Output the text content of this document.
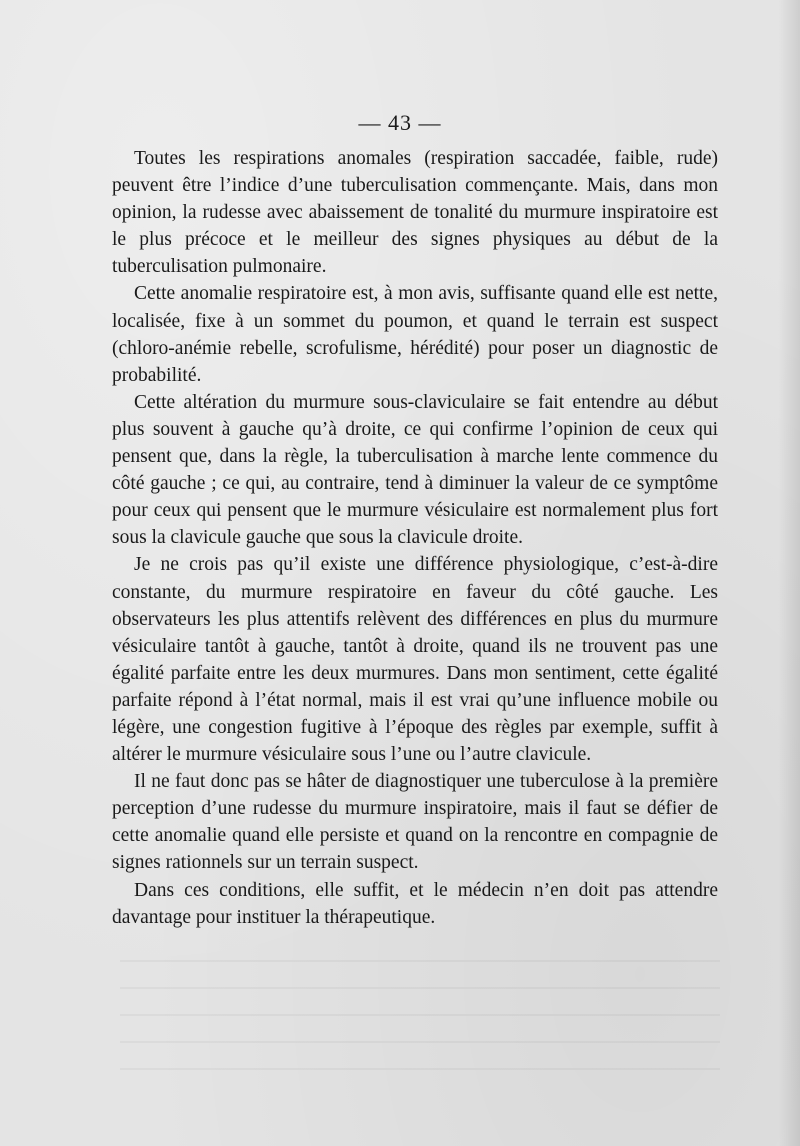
— 43 —

Toutes les respirations anomales (respiration saccadée, faible, rude) peuvent être l’indice d’une tuberculisation commençante. Mais, dans mon opinion, la rudesse avec abaissement de tonalité du murmure inspiratoire est le plus précoce et le meilleur des signes physiques au début de la tuberculisation pulmonaire.

Cette anomalie respiratoire est, à mon avis, suffisante quand elle est nette, localisée, fixe à un sommet du poumon, et quand le terrain est suspect (chloro-anémie rebelle, scrofulisme, hérédité) pour poser un diagnostic de probabilité.

Cette altération du murmure sous-claviculaire se fait entendre au début plus souvent à gauche qu’à droite, ce qui confirme l’opinion de ceux qui pensent que, dans la règle, la tuberculisation à marche lente commence du côté gauche ; ce qui, au contraire, tend à diminuer la valeur de ce symptôme pour ceux qui pensent que le murmure vésiculaire est normalement plus fort sous la clavicule gauche que sous la clavicule droite.

Je ne crois pas qu’il existe une différence physiologique, c’est-à-dire constante, du murmure respiratoire en faveur du côté gauche. Les observateurs les plus attentifs relèvent des différences en plus du murmure vésiculaire tantôt à gauche, tantôt à droite, quand ils ne trouvent pas une égalité parfaite entre les deux murmures. Dans mon sentiment, cette égalité parfaite répond à l’état normal, mais il est vrai qu’une influence mobile ou légère, une congestion fugitive à l’époque des règles par exemple, suffit à altérer le murmure vésiculaire sous l’une ou l’autre clavicule.

Il ne faut donc pas se hâter de diagnostiquer une tuberculose à la première perception d’une rudesse du murmure inspiratoire, mais il faut se défier de cette anomalie quand elle persiste et quand on la rencontre en compagnie de signes rationnels sur un terrain suspect.

Dans ces conditions, elle suffit, et le médecin n’en doit pas attendre davantage pour instituer la thérapeutique.
